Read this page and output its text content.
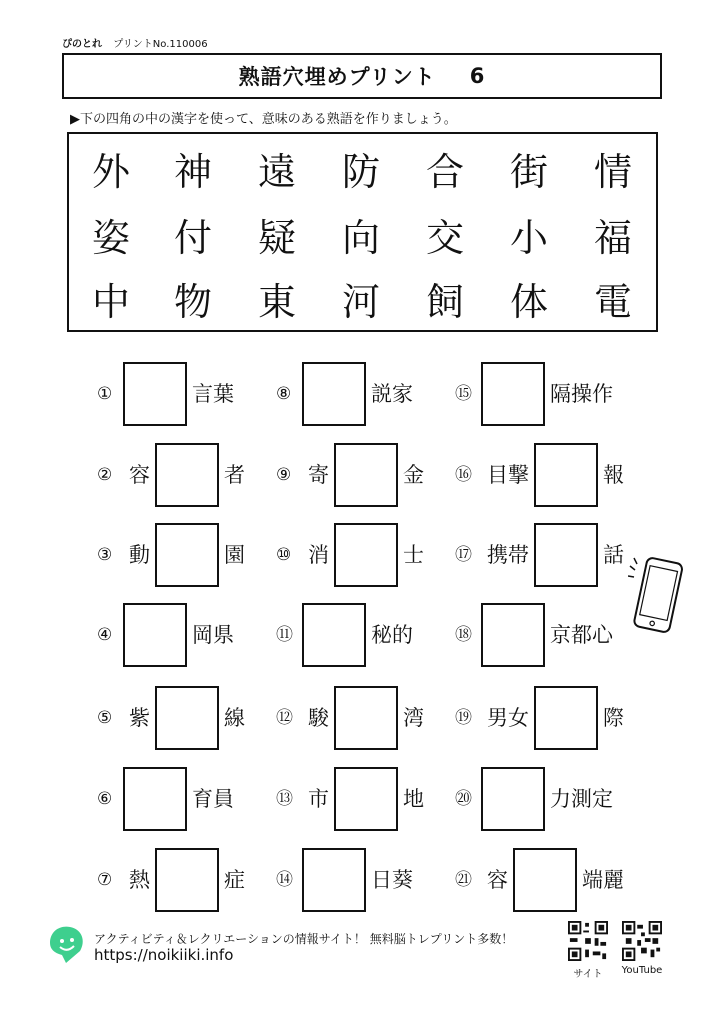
ぴのとれ プリントNo.110006
熟語穴埋めプリント 6
▶下の四角の中の漢字を使って、意味のある熟語を作りましょう。
外 神 遠 防 合 街 情
姿 付 疑 向 交 小 福
中 物 東 河 飼 体 電
①	言葉
② 容	者
③ 動	園
④	岡県
⑤ 紫	線
⑥	育員
⑦ 熱	症
⑧	説家
⑨ 寄	金
⑩ 消	士
⑪	秘的
⑫ 駿	湾
⑬ 市	地
⑭	日葵
⑮	隔操作
⑯ 目撃	報
⑰ 携帯	話
⑱	京都心
⑲ 男女	際
⑳	力測定
㉑ 容	端麗
アクティビティ＆レクリエーションの情報サイト！ 無料脳トレプリント多数！
https://noikiiki.info
サイト	YouTube
